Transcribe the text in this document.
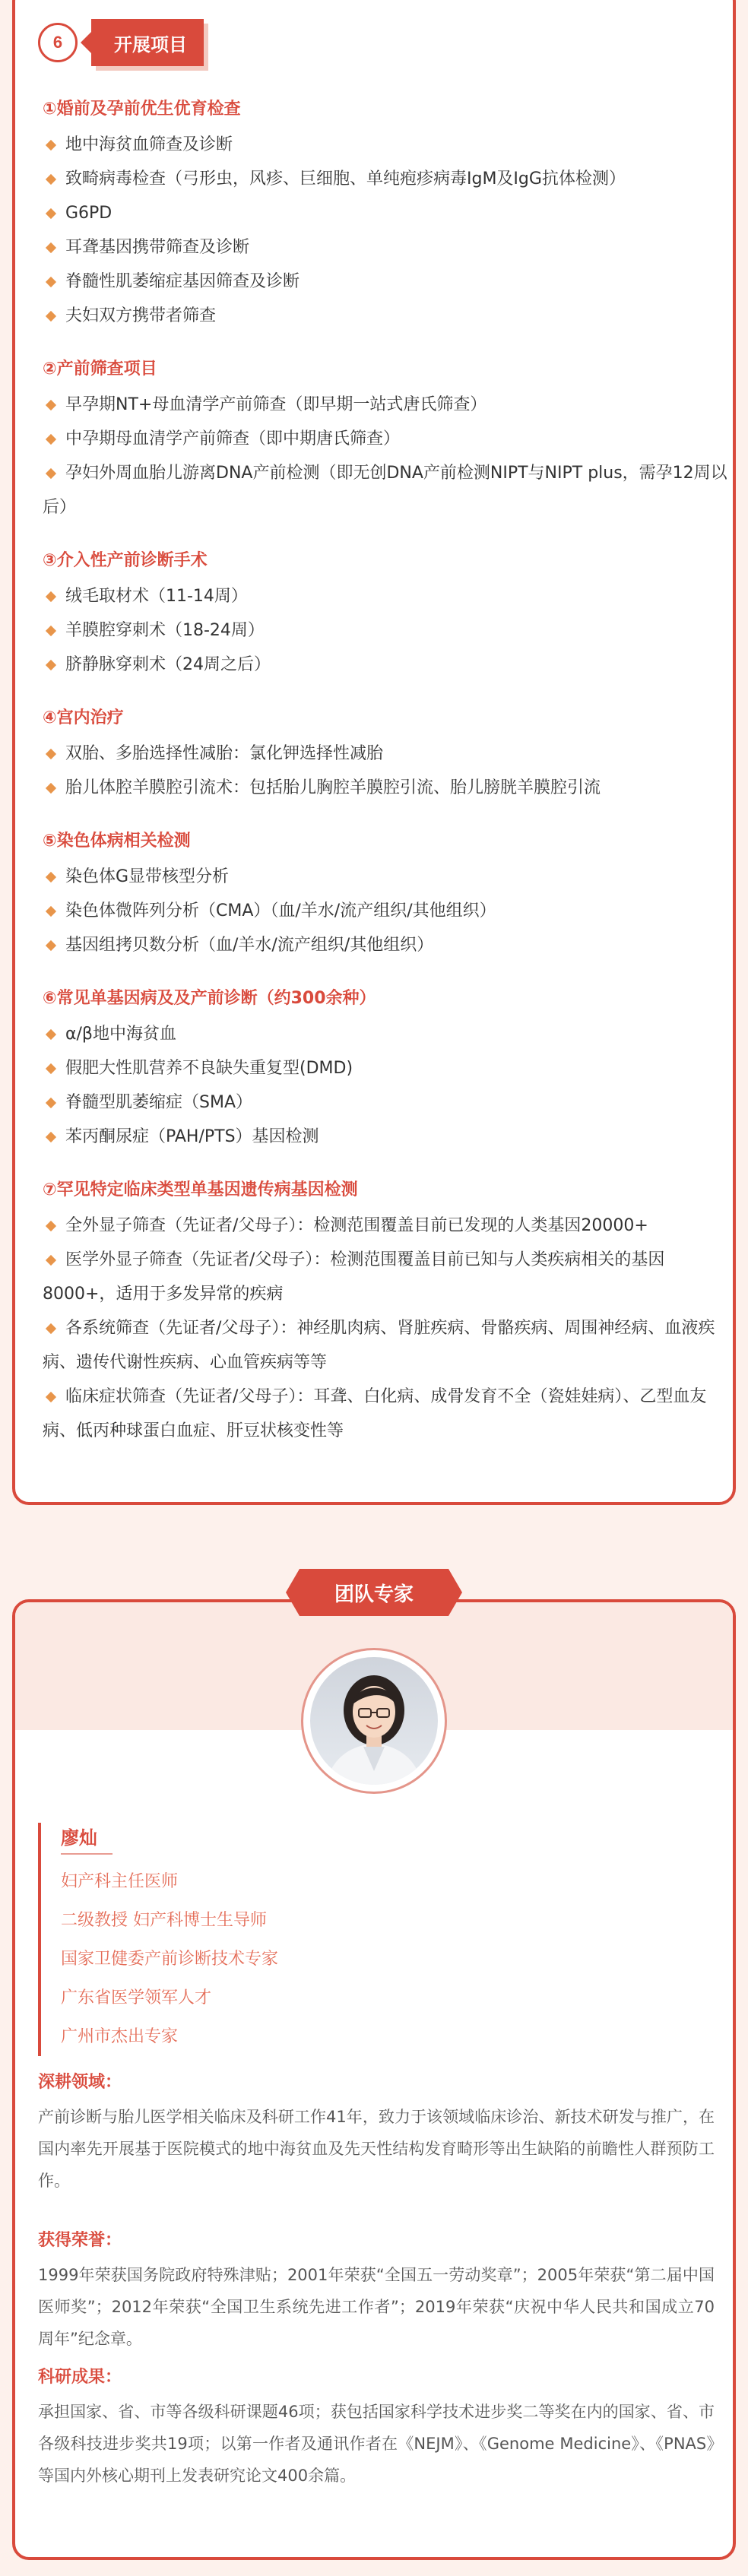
6	开展项目
①婚前及孕前优生优育检查
地中海贫血筛查及诊断
致畸病毒检查（弓形虫，风疹、巨细胞、单纯疱疹病毒IgM及IgG抗体检测）
G6PD
耳聋基因携带筛查及诊断
脊髓性肌萎缩症基因筛查及诊断
夫妇双方携带者筛查
②产前筛查项目
早孕期NT+母血清学产前筛查（即早期一站式唐氏筛查）
中孕期母血清学产前筛查（即中期唐氏筛查）
孕妇外周血胎儿游离DNA产前检测（即无创DNA产前检测NIPT与NIPT plus，需孕12周以后）
③介入性产前诊断手术
绒毛取材术（11-14周）
羊膜腔穿刺术（18-24周）
脐静脉穿刺术（24周之后）
④宫内治疗
双胎、多胎选择性减胎：氯化钾选择性减胎
胎儿体腔羊膜腔引流术：包括胎儿胸腔羊膜腔引流、胎儿膀胱羊膜腔引流
⑤染色体病相关检测
染色体G显带核型分析
染色体微阵列分析（CMA）（血/羊水/流产组织/其他组织）
基因组拷贝数分析（血/羊水/流产组织/其他组织）
⑥常见单基因病及及产前诊断（约300余种）
α/β地中海贫血
假肥大性肌营养不良缺失重复型(DMD)
脊髓型肌萎缩症（SMA）
苯丙酮尿症（PAH/PTS）基因检测
⑦罕见特定临床类型单基因遗传病基因检测
全外显子筛查（先证者/父母子）：检测范围覆盖目前已发现的人类基因20000+
医学外显子筛查（先证者/父母子）：检测范围覆盖目前已知与人类疾病相关的基因8000+，适用于多发异常的疾病
各系统筛查（先证者/父母子）：神经肌肉病、肾脏疾病、骨骼疾病、周围神经病、血液疾病、遗传代谢性疾病、心血管疾病等等
临床症状筛查（先证者/父母子）：耳聋、白化病、成骨发育不全（瓷娃娃病）、乙型血友病、低丙种球蛋白血症、肝豆状核变性等
团队专家
廖灿
妇产科主任医师
二级教授 妇产科博士生导师
国家卫健委产前诊断技术专家
广东省医学领军人才
广州市杰出专家
深耕领域：
产前诊断与胎儿医学相关临床及科研工作41年，致力于该领域临床诊治、新技术研发与推广，在国内率先开展基于医院模式的地中海贫血及先天性结构发育畸形等出生缺陷的前瞻性人群预防工作。
获得荣誉：
1999年荣获国务院政府特殊津贴；2001年荣获“全国五一劳动奖章”；2005年荣获“第二届中国医师奖”；2012年荣获“全国卫生系统先进工作者”；2019年荣获“庆祝中华人民共和国成立70周年”纪念章。
科研成果：
承担国家、省、市等各级科研课题46项；获包括国家科学技术进步奖二等奖在内的国家、省、市各级科技进步奖共19项；以第一作者及通讯作者在《NEJM》、《Genome Medicine》、《PNAS》等国内外核心期刊上发表研究论文400余篇。
